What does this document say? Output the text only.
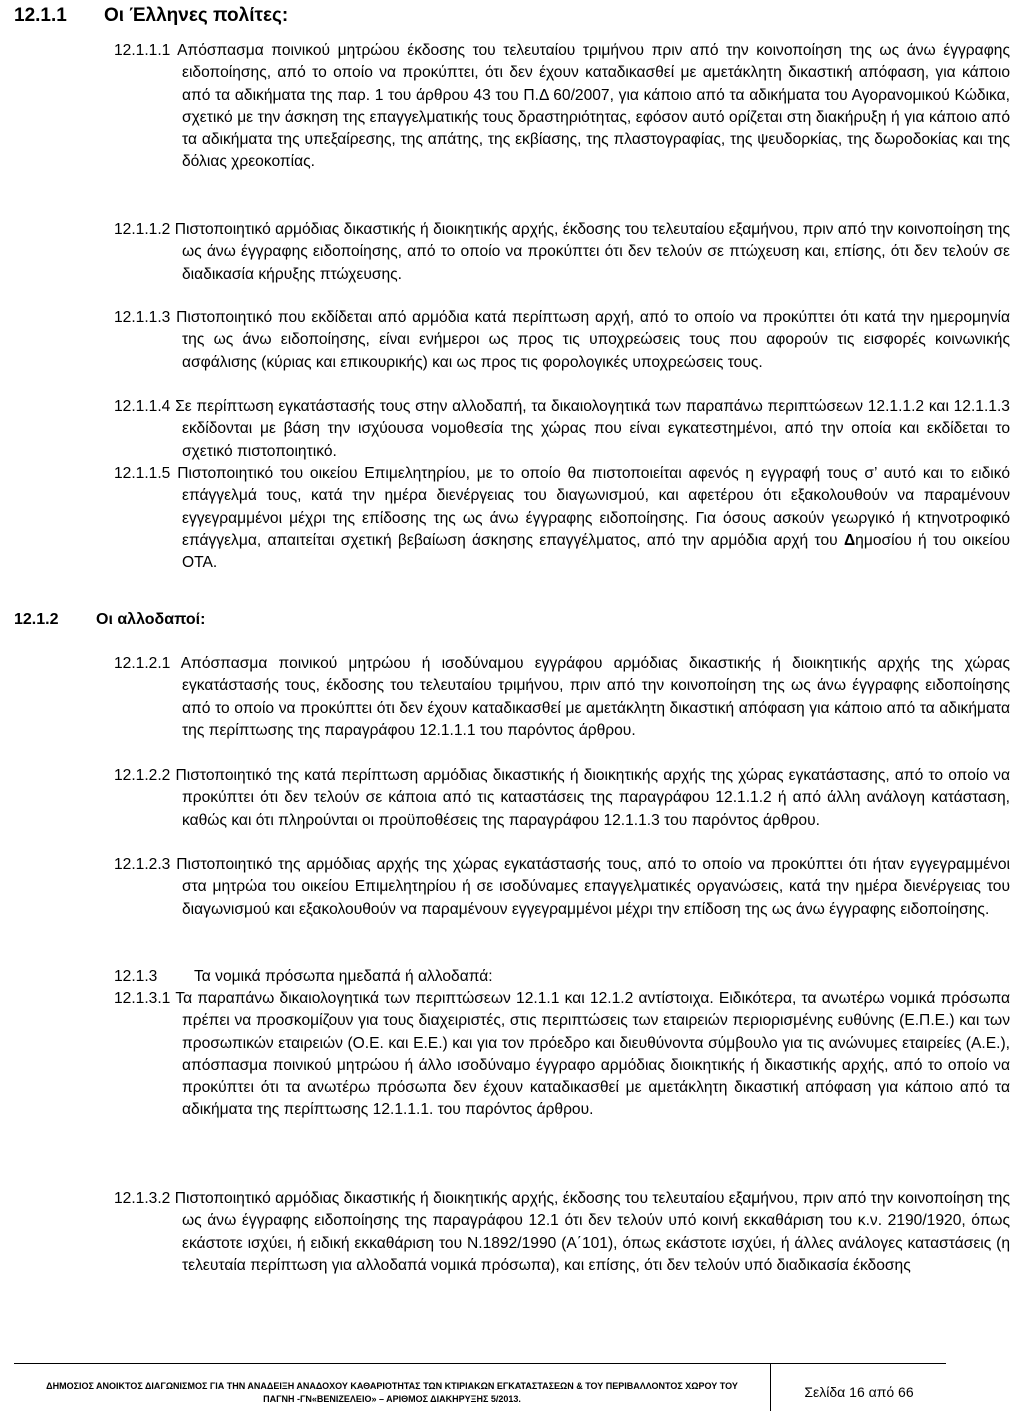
12.1.1 Οι Έλληνες πολίτες:

12.1.1.1 Απόσπασμα ποινικού μητρώου έκδοσης του τελευταίου τριμήνου πριν από την κοινοποίηση της ως άνω έγγραφης ειδοποίησης, από το οποίο να προκύπτει, ότι δεν έχουν καταδικασθεί με αμετάκλητη δικαστική απόφαση, για κάποιο από τα αδικήματα της παρ. 1 του άρθρου 43 του Π.Δ 60/2007, για κάποιο από τα αδικήματα του Αγορανομικού Κώδικα, σχετικό με την άσκηση της επαγγελματικής τους δραστηριότητας, εφόσον αυτό ορίζεται στη διακήρυξη ή για κάποιο από τα αδικήματα της υπεξαίρεσης, της απάτης, της εκβίασης, της πλαστογραφίας, της ψευδορκίας, της δωροδοκίας και της δόλιας χρεοκοπίας.

12.1.1.2 Πιστοποιητικό αρμόδιας δικαστικής ή διοικητικής αρχής, έκδοσης του τελευταίου εξαμήνου, πριν από την κοινοποίηση της ως άνω έγγραφης ειδοποίησης, από το οποίο να προκύπτει ότι δεν τελούν σε πτώχευση και, επίσης, ότι δεν τελούν σε διαδικασία κήρυξης πτώχευσης.

12.1.1.3 Πιστοποιητικό που εκδίδεται από αρμόδια κατά περίπτωση αρχή, από το οποίο να προκύπτει ότι κατά την ημερομηνία της ως άνω ειδοποίησης, είναι ενήμεροι ως προς τις υποχρεώσεις τους που αφορούν τις εισφορές κοινωνικής ασφάλισης (κύριας και επικουρικής) και ως προς τις φορολογικές υποχρεώσεις τους.

12.1.1.4 Σε περίπτωση εγκατάστασής τους στην αλλοδαπή, τα δικαιολογητικά των παραπάνω περιπτώσεων 12.1.1.2 και 12.1.1.3 εκδίδονται με βάση την ισχύουσα νομοθεσία της χώρας που είναι εγκατεστημένοι, από την οποία και εκδίδεται το σχετικό πιστοποιητικό.

12.1.1.5 Πιστοποιητικό του οικείου Επιμελητηρίου, με το οποίο θα πιστοποιείται αφενός η εγγραφή τους σ’ αυτό και το ειδικό επάγγελμά τους, κατά την ημέρα διενέργειας του διαγωνισμού, και αφετέρου ότι εξακολουθούν να παραμένουν εγγεγραμμένοι μέχρι της επίδοσης της ως άνω έγγραφης ειδοποίησης. Για όσους ασκούν γεωργικό ή κτηνοτροφικό επάγγελμα, απαιτείται σχετική βεβαίωση άσκησης επαγγέλματος, από την αρμόδια αρχή του Δημοσίου ή του οικείου ΟΤΑ.

12.1.2 Οι αλλοδαποί:

12.1.2.1 Απόσπασμα ποινικού μητρώου ή ισοδύναμου εγγράφου αρμόδιας δικαστικής ή διοικητικής αρχής της χώρας εγκατάστασής τους, έκδοσης του τελευταίου τριμήνου, πριν από την κοινοποίηση της ως άνω έγγραφης ειδοποίησης από το οποίο να προκύπτει ότι δεν έχουν καταδικασθεί με αμετάκλητη δικαστική απόφαση για κάποιο από τα αδικήματα της περίπτωσης της παραγράφου 12.1.1.1 του παρόντος άρθρου.

12.1.2.2 Πιστοποιητικό της κατά περίπτωση αρμόδιας δικαστικής ή διοικητικής αρχής της χώρας εγκατάστασης, από το οποίο να προκύπτει ότι δεν τελούν σε κάποια από τις καταστάσεις της παραγράφου 12.1.1.2 ή από άλλη ανάλογη κατάσταση, καθώς και ότι πληρούνται οι προϋποθέσεις της παραγράφου 12.1.1.3 του παρόντος άρθρου.

12.1.2.3 Πιστοποιητικό της αρμόδιας αρχής της χώρας εγκατάστασής τους, από το οποίο να προκύπτει ότι ήταν εγγεγραμμένοι στα μητρώα του οικείου Επιμελητηρίου ή σε ισοδύναμες επαγγελματικές οργανώσεις, κατά την ημέρα διενέργειας του διαγωνισμού και εξακολουθούν να παραμένουν εγγεγραμμένοι μέχρι την επίδοση της ως άνω έγγραφης ειδοποίησης.

12.1.3 Τα νομικά πρόσωπα ημεδαπά ή αλλοδαπά:

12.1.3.1 Τα παραπάνω δικαιολογητικά των περιπτώσεων 12.1.1 και 12.1.2 αντίστοιχα. Ειδικότερα, τα ανωτέρω νομικά πρόσωπα πρέπει να προσκομίζουν για τους διαχειριστές, στις περιπτώσεις των εταιρειών περιορισμένης ευθύνης (Ε.Π.Ε.) και των προσωπικών εταιρειών (Ο.Ε. και Ε.Ε.) και για τον πρόεδρο και διευθύνοντα σύμβουλο για τις ανώνυμες εταιρείες (Α.Ε.), απόσπασμα ποινικού μητρώου ή άλλο ισοδύναμο έγγραφο αρμόδιας διοικητικής ή δικαστικής αρχής, από το οποίο να προκύπτει ότι τα ανωτέρω πρόσωπα δεν έχουν καταδικασθεί με αμετάκλητη δικαστική απόφαση για κάποιο από τα αδικήματα της περίπτωσης 12.1.1.1. του παρόντος άρθρου.

12.1.3.2 Πιστοποιητικό αρμόδιας δικαστικής ή διοικητικής αρχής, έκδοσης του τελευταίου εξαμήνου, πριν από την κοινοποίηση της ως άνω έγγραφης ειδοποίησης της παραγράφου 12.1 ότι δεν τελούν υπό κοινή εκκαθάριση του κ.ν. 2190/1920, όπως εκάστοτε ισχύει, ή ειδική εκκαθάριση του Ν.1892/1990 (Α΄101), όπως εκάστοτε ισχύει, ή άλλες ανάλογες καταστάσεις (η τελευταία περίπτωση για αλλοδαπά νομικά πρόσωπα), και επίσης, ότι δεν τελούν υπό διαδικασία έκδοσης

ΔΗΜΟΣΙΟΣ ΑΝΟΙΚΤΟΣ ΔΙΑΓΩΝΙΣΜΟΣ ΓΙΑ ΤΗΝ ΑΝΑΔΕΙΞΗ ΑΝΑΔΟΧΟΥ ΚΑΘΑΡΙΟΤΗΤΑΣ ΤΩΝ ΚΤΙΡΙΑΚΩΝ ΕΓΚΑΤΑΣΤΑΣΕΩΝ & ΤΟΥ ΠΕΡΙΒΑΛΛΟΝΤΟΣ ΧΩΡΟΥ ΤΟΥ
ΠΑΓΝΗ -ΓΝ«ΒΕΝΙΖΕΛΕΙΟ» – ΑΡΙΘΜΟΣ ΔΙΑΚΗΡΥΞΗΣ 5/2013.	Σελίδα 16 από 66
